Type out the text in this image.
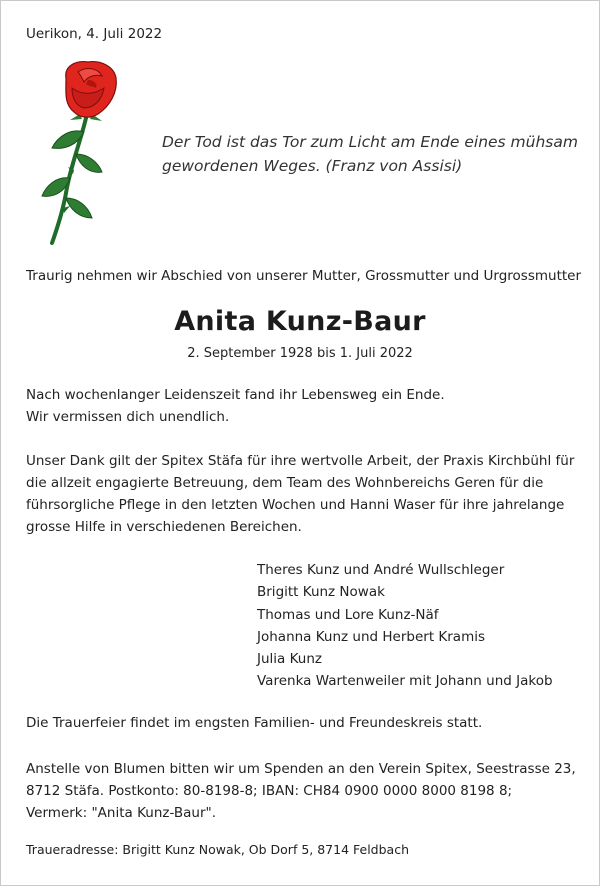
Uerikon, 4. Juli 2022
Der Tod ist das Tor zum Licht am Ende eines mühsam
gewordenen Weges. (Franz von Assisi)
Traurig nehmen wir Abschied von unserer Mutter, Grossmutter und Urgrossmutter
Anita Kunz-Baur
2. September 1928 bis 1. Juli 2022
Nach wochenlanger Leidenszeit fand ihr Lebensweg ein Ende.
Wir vermissen dich unendlich.
Unser Dank gilt der Spitex Stäfa für ihre wertvolle Arbeit, der Praxis Kirchbühl für die allzeit engagierte Betreuung, dem Team des Wohnbereichs Geren für die führsorgliche Pflege in den letzten Wochen und Hanni Waser für ihre jahrelange grosse Hilfe in verschiedenen Bereichen.
Theres Kunz und André Wullschleger
Brigitt Kunz Nowak
Thomas und Lore Kunz-Näf
Johanna Kunz und Herbert Kramis
Julia Kunz
Varenka Wartenweiler mit Johann und Jakob
Die Trauerfeier findet im engsten Familien- und Freundeskreis statt.
Anstelle von Blumen bitten wir um Spenden an den Verein Spitex, Seestrasse 23, 8712 Stäfa. Postkonto: 80-8198-8; IBAN: CH84 0900 0000 8000 8198 8; Vermerk: "Anita Kunz-Baur".
Traueradresse: Brigitt Kunz Nowak, Ob Dorf 5, 8714 Feldbach
